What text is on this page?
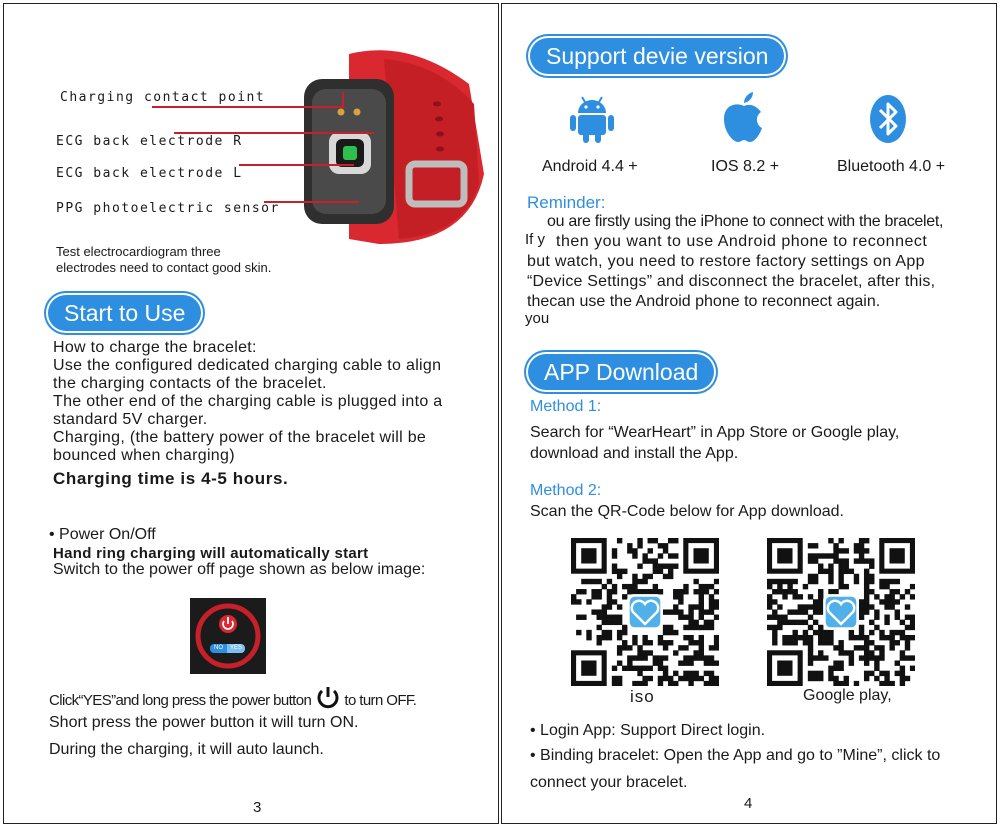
Charging contact point
ECG back electrode R
ECG back electrode L
PPG photoelectric sensor
Test electrocardiogram three
electrodes need to contact good skin.
Start to Use
How to charge the bracelet:
Use the configured dedicated charging cable to align
the charging contacts of the bracelet.
The other end of the charging cable is plugged into a
standard 5V charger.
Charging, (the battery power of the bracelet will be
bounced when charging)
Charging time is 4-5 hours.
• Power On/Off
Hand ring charging will automatically start
Switch to the power off page shown as below image:
NO	YES
Click“YES”and long press the power button to turn OFF.
Short press the power button it will turn ON.
During the charging, it will auto launch.
3
Support devie version
Android 4.4 +	IOS 8.2 +	Bluetooth 4.0 +
Reminder:
ou are firstly using the iPhone to connect with the bracelet,
If y then you want to use Android phone to reconnect
but watch, you need to restore factory settings on App
“Device Settings” and disconnect the bracelet, after this,
thecan use the Android phone to reconnect again.
you
APP Download
Method 1:
Search for “WearHeart” in App Store or Google play,
download and install the App.
Method 2:
Scan the QR-Code below for App download.
iso	Google play,
• Login App: Support Direct login.
• Binding bracelet: Open the App and go to ”Mine”, click to
connect your bracelet.
4
